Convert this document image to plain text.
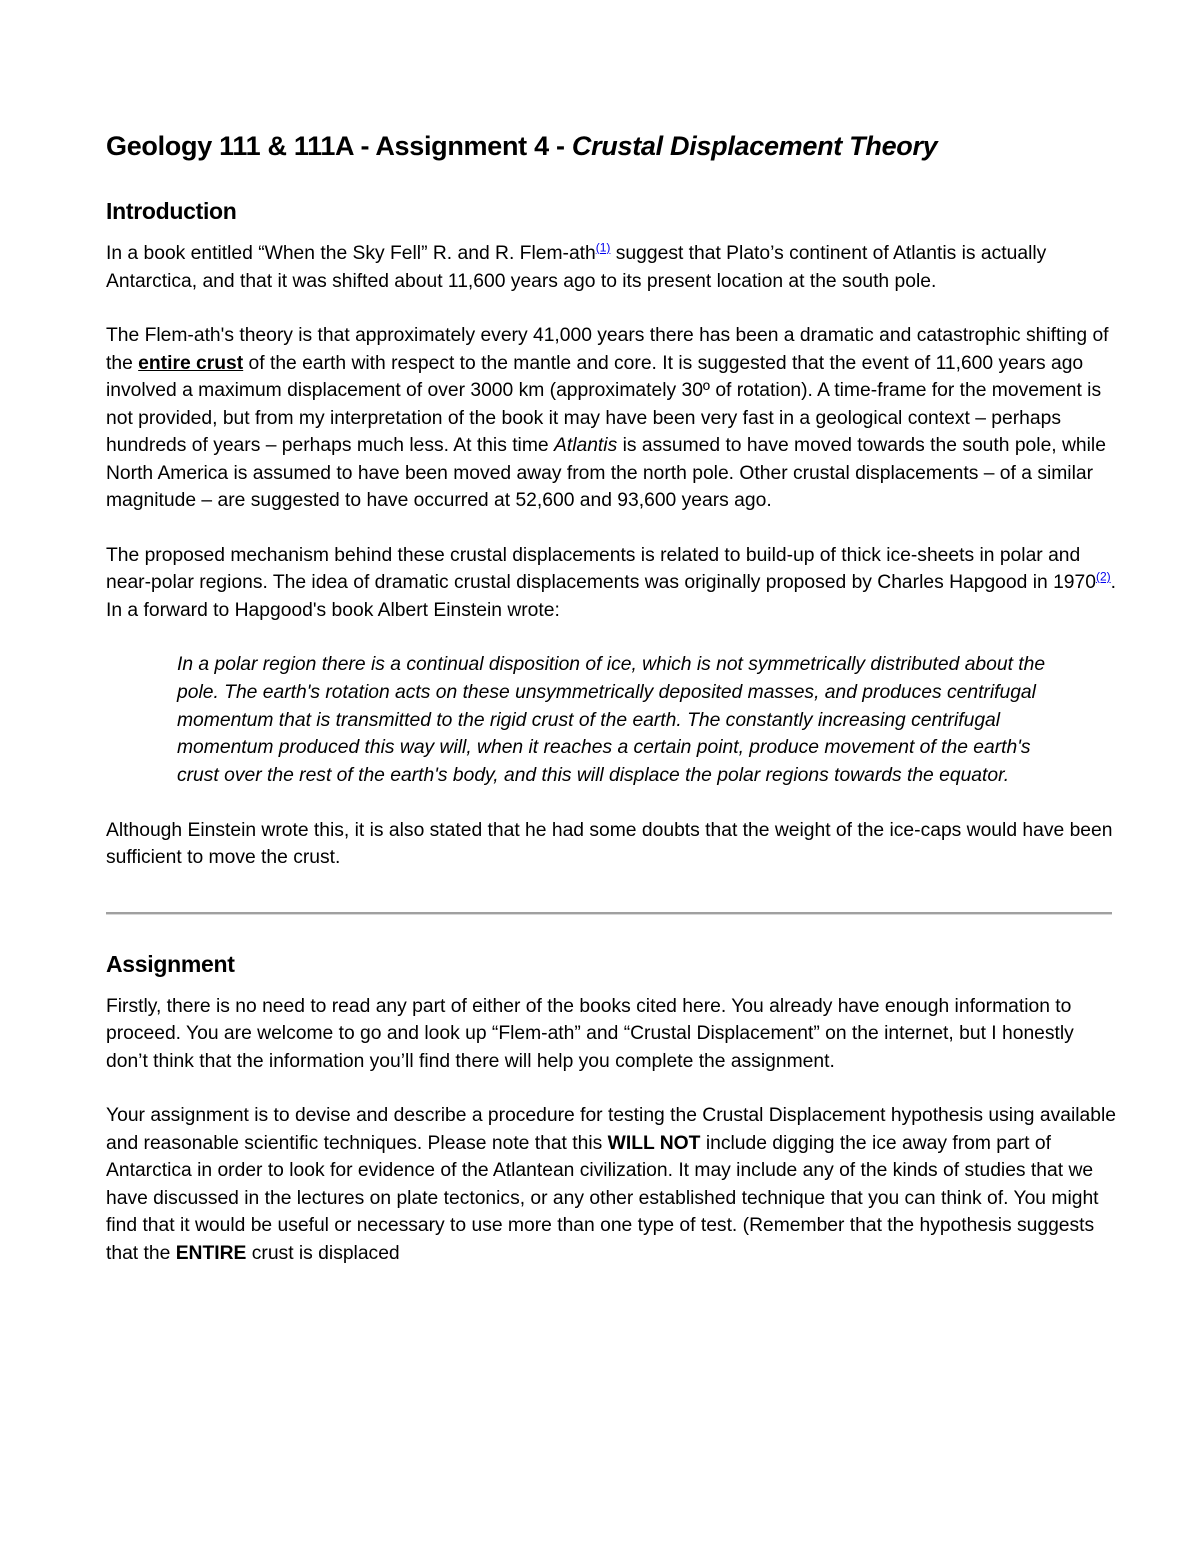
Geology 111 & 111A - Assignment 4 - Crustal Displacement Theory
Introduction

In a book entitled “When the Sky Fell” R. and R. Flem-ath$^{(1)}$ suggest that Plato’s continent of Atlantis is actually Antarctica, and that it was shifted about 11,600 years ago to its present location at the south pole.

The Flem-ath's theory is that approximately every 41,000 years there has been a dramatic and catastrophic shifting of the entire crust of the earth with respect to the mantle and core. It is suggested that the event of 11,600 years ago involved a maximum displacement of over 3000 km (approximately 30º of rotation). A time-frame for the movement is not provided, but from my interpretation of the book it may have been very fast in a geological context – perhaps hundreds of years – perhaps much less. At this time Atlantis is assumed to have moved towards the south pole, while North America is assumed to have been moved away from the north pole. Other crustal displacements – of a similar magnitude – are suggested to have occurred at 52,600 and 93,600 years ago.

The proposed mechanism behind these crustal displacements is related to build-up of thick ice-sheets in polar and near-polar regions. The idea of dramatic crustal displacements was originally proposed by Charles Hapgood in 1970$^{(2)}$. In a forward to Hapgood's book Albert Einstein wrote:

In a polar region there is a continual disposition of ice, which is not symmetrically distributed about the pole. The earth's rotation acts on these unsymmetrically deposited masses, and produces centrifugal momentum that is transmitted to the rigid crust of the earth. The constantly increasing centrifugal momentum produced this way will, when it reaches a certain point, produce movement of the earth's crust over the rest of the earth's body, and this will displace the polar regions towards the equator.

Although Einstein wrote this, it is also stated that he had some doubts that the weight of the ice-caps would have been sufficient to move the crust.

Assignment

Firstly, there is no need to read any part of either of the books cited here. You already have enough information to proceed. You are welcome to go and look up “Flem-ath” and “Crustal Displacement” on the internet, but I honestly don’t think that the information you’ll find there will help you complete the assignment.

Your assignment is to devise and describe a procedure for testing the Crustal Displacement hypothesis using available and reasonable scientific techniques. Please note that this WILL NOT include digging the ice away from part of Antarctica in order to look for evidence of the Atlantean civilization. It may include any of the kinds of studies that we have discussed in the lectures on plate tectonics, or any other established technique that you can think of. You might find that it would be useful or necessary to use more than one type of test. (Remember that the hypothesis suggests that the ENTIRE crust is displaced
